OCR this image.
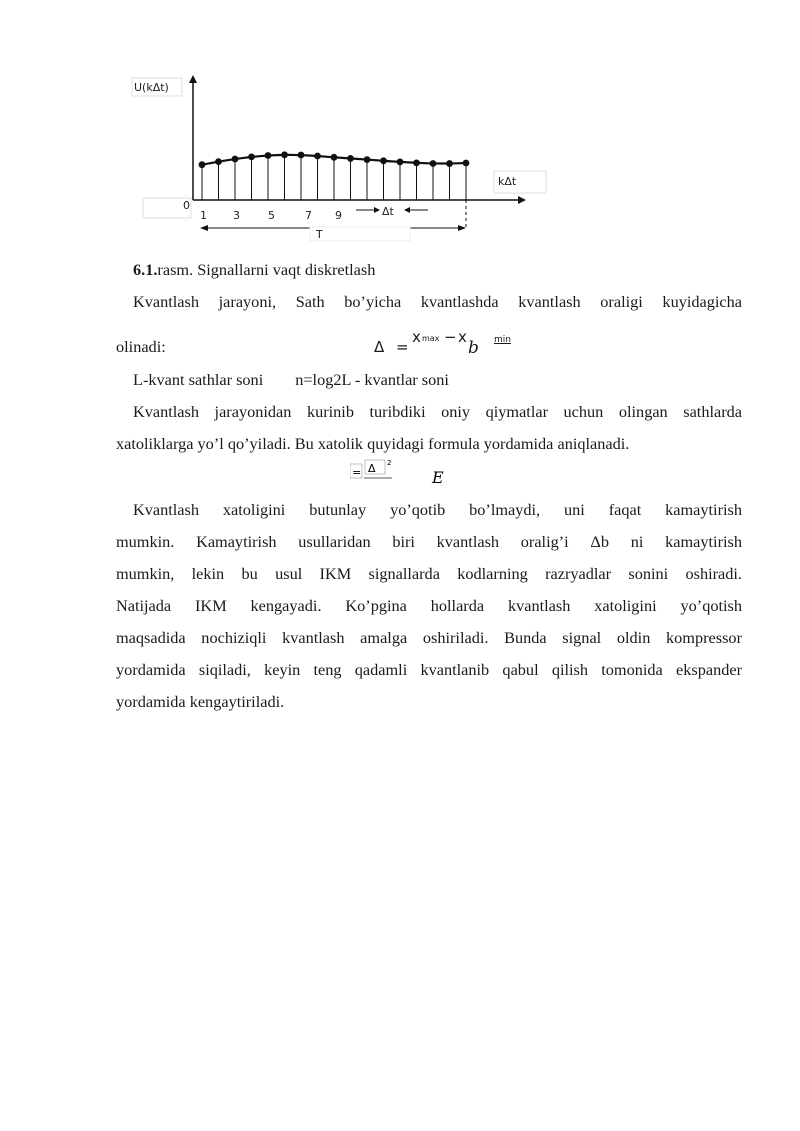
U(kΔt)
kΔt
0
1 3	5	7 9	Δt
T
6.1.rasm. Signallarni vaqt diskretlash

Kvantlash jarayoni, Sath bo’yicha kvantlashda kvantlash oraligi kuyidagicha

olinadi:	Δ =
x max − x
b min
L-kvant sathlar soni n=log2L - kvantlar soni

Kvantlash jarayonidan kurinib turibdiki oniy qiymatlar uchun olingan sathlarda

xatoliklarga yo’l qo’yiladi. Bu xatolik quyidagi formula yordamida aniqlanadi.

= Δ 2
E

Kvantlash xatoligini butunlay yo’qotib bo’lmaydi, uni faqat kamaytirish

mumkin. Kamaytirish usullaridan biri kvantlash oralig’i Δb ni kamaytirish

mumkin, lekin bu usul IKM signallarda kodlarning razryadlar sonini oshiradi.

Natijada IKM kengayadi. Ko’pgina hollarda kvantlash xatoligini yo’qotish

maqsadida nochiziqli kvantlash amalga oshiriladi. Bunda signal oldin kompressor

yordamida siqiladi, keyin teng qadamli kvantlanib qabul qilish tomonida ekspander

yordamida kengaytiriladi.
